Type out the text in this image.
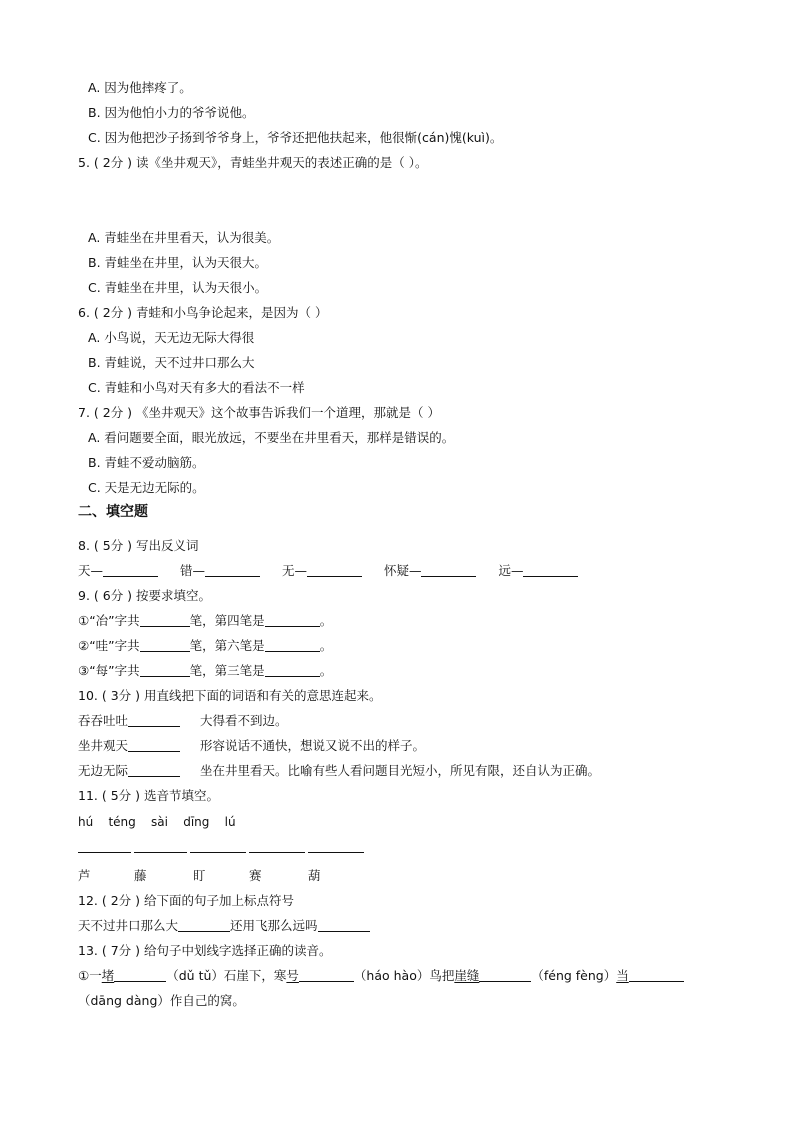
A. 因为他摔疼了。
B. 因为他怕小力的爷爷说他。
C. 因为他把沙子扬到爷爷身上，爷爷还把他扶起来，他很惭(cán)愧(kuì)。
5. ( 2分 ) 读《坐井观天》，青蛙坐井观天的表述正确的是（ ）。
A. 青蛙坐在井里看天，认为很美。
B. 青蛙坐在井里，认为天很大。
C. 青蛙坐在井里，认为天很小。
6. ( 2分 ) 青蛙和小鸟争论起来，是因为（ ）
A. 小鸟说，天无边无际大得很
B. 青蛙说，天不过井口那么大
C. 青蛙和小鸟对天有多大的看法不一样
7. ( 2分 ) 《坐井观天》这个故事告诉我们一个道理，那就是（ ）
A. 看问题要全面，眼光放远，不要坐在井里看天，那样是错误的。
B. 青蛙不爱动脑筋。
C. 天是无边无际的。
二、填空题
8. ( 5分 ) 写出反义词
天—	错—	无—	怀疑—	远—
9. ( 6分 ) 按要求填空。
①“冶”字共	笔，第四笔是	。
②“哇”字共	笔，第六笔是	。
③“每”字共	笔，第三笔是	。
10. ( 3分 ) 用直线把下面的词语和有关的意思连起来。
吞吞吐吐	大得看不到边。
坐井观天	形容说话不通快，想说又说不出的样子。
无边无际	坐在井里看天。比喻有些人看问题目光短小，所见有限，还自认为正确。
11. ( 5分 ) 选音节填空。
hú    téng    sài    dīng    lú
芦	藤	盯	赛	葫
12. ( 2分 ) 给下面的句子加上标点符号
天不过井口那么大	还用飞那么远吗
13. ( 7分 ) 给句子中划线字选择正确的读音。
①一堵	（dǔ tǔ）石崖下，寒号	（háo hào）鸟把崖缝	（féng fèng）当
（dāng dàng）作自己的窝。
